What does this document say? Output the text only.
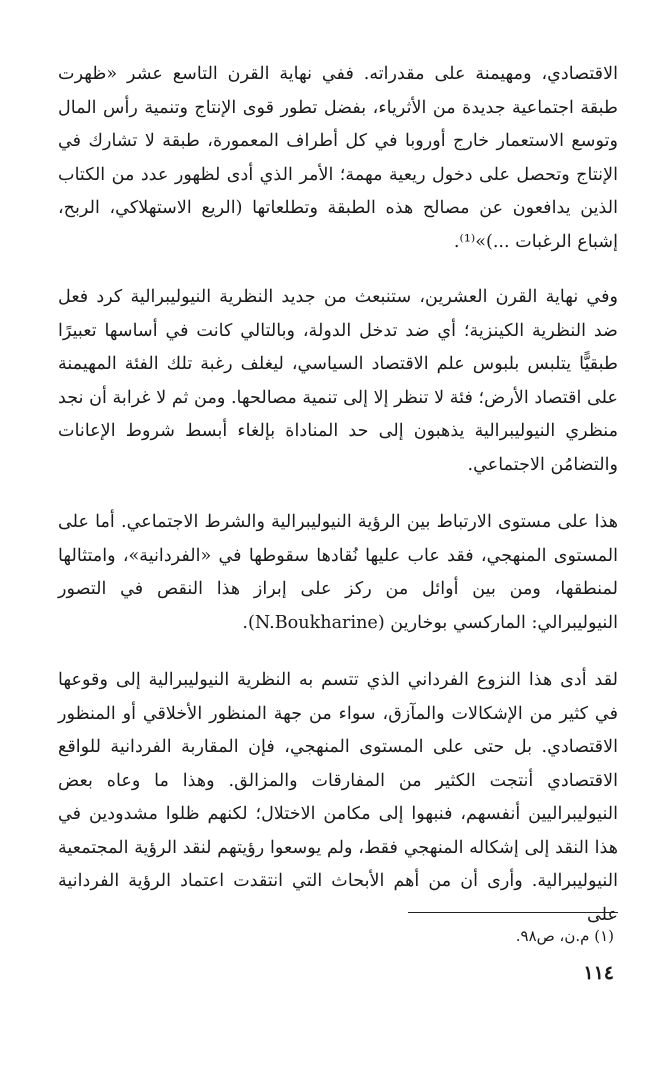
الاقتصادي، ومهيمنة على مقدراته. ففي نهاية القرن التاسع عشر «ظهرت طبقة اجتماعية جديدة من الأثرياء، بفضل تطور قوى الإنتاج وتنمية رأس المال وتوسع الاستعمار خارج أوروبا في كل أطراف المعمورة، طبقة لا تشارك في الإنتاج وتحصل على دخول ريعية مهمة؛ الأمر الذي أدى لظهور عدد من الكتاب الذين يدافعون عن مصالح هذه الطبقة وتطلعاتها (الريع الاستهلاكي، الربح، إشباع الرغبات ...)»⁽¹⁾.

وفي نهاية القرن العشرين، ستنبعث من جديد النظرية النيوليبرالية كرد فعل ضد النظرية الكينزية؛ أي ضد تدخل الدولة، وبالتالي كانت في أساسها تعبيرًا طبقيًّا يتلبس بلبوس علم الاقتصاد السياسي، ليغلف رغبة تلك الفئة المهيمنة على اقتصاد الأرض؛ فئة لا تنظر إلا إلى تنمية مصالحها. ومن ثم لا غرابة أن نجد منظري النيوليبرالية يذهبون إلى حد المناداة بإلغاء أبسط شروط الإعانات والتضامُن الاجتماعي.

هذا على مستوى الارتباط بين الرؤية النيوليبرالية والشرط الاجتماعي. أما على المستوى المنهجي، فقد عاب عليها نُقادها سقوطها في «الفردانية»، وامتثالها لمنطقها، ومن بين أوائل من ركز على إبراز هذا النقص في التصور النيوليبرالي: الماركسي بوخارين (N.Boukharine).

لقد أدى هذا النزوع الفرداني الذي تتسم به النظرية النيوليبرالية إلى وقوعها في كثير من الإشكالات والمآزق، سواء من جهة المنظور الأخلاقي أو المنظور الاقتصادي. بل حتى على المستوى المنهجي، فإن المقاربة الفردانية للواقع الاقتصادي أنتجت الكثير من المفارقات والمزالق. وهذا ما وعاه بعض النيوليبراليين أنفسهم، فنبهوا إلى مكامن الاختلال؛ لكنهم ظلوا مشدودين في هذا النقد إلى إشكاله المنهجي فقط، ولم يوسعوا رؤيتهم لنقد الرؤية المجتمعية النيوليبرالية. وأرى أن من أهم الأبحاث التي انتقدت اعتماد الرؤية الفردانية على

(١) م.ن، ص٩٨.
١١٤
